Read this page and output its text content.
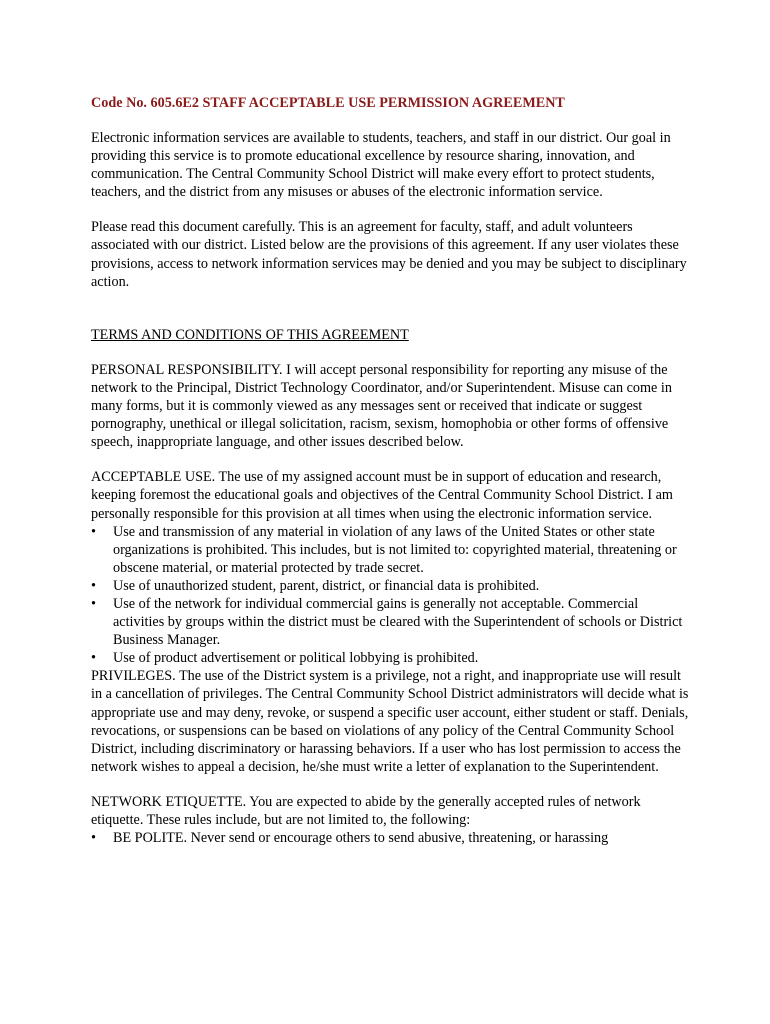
Code No. 605.6E2 STAFF ACCEPTABLE USE PERMISSION AGREEMENT

Electronic information services are available to students, teachers, and staff in our district. Our goal in providing this service is to promote educational excellence by resource sharing, innovation, and communication. The Central Community School District will make every effort to protect students, teachers, and the district from any misuses or abuses of the electronic information service.

Please read this document carefully. This is an agreement for faculty, staff, and adult volunteers associated with our district. Listed below are the provisions of this agreement. If any user violates these provisions, access to network information services may be denied and you may be subject to disciplinary action.

TERMS AND CONDITIONS OF THIS AGREEMENT

PERSONAL RESPONSIBILITY. I will accept personal responsibility for reporting any misuse of the network to the Principal, District Technology Coordinator, and/or Superintendent. Misuse can come in many forms, but it is commonly viewed as any messages sent or received that indicate or suggest pornography, unethical or illegal solicitation, racism, sexism, homophobia or other forms of offensive speech, inappropriate language, and other issues described below.

ACCEPTABLE USE. The use of my assigned account must be in support of education and research, keeping foremost the educational goals and objectives of the Central Community School District. I am personally responsible for this provision at all times when using the electronic information service.

•	Use and transmission of any material in violation of any laws of the United States or other state organizations is prohibited. This includes, but is not limited to: copyrighted material, threatening or obscene material, or material protected by trade secret.
•	Use of unauthorized student, parent, district, or financial data is prohibited.
•	Use of the network for individual commercial gains is generally not acceptable. Commercial activities by groups within the district must be cleared with the Superintendent of schools or District Business Manager.
•	Use of product advertisement or political lobbying is prohibited.

PRIVILEGES. The use of the District system is a privilege, not a right, and inappropriate use will result in a cancellation of privileges. The Central Community School District administrators will decide what is appropriate use and may deny, revoke, or suspend a specific user account, either student or staff. Denials, revocations, or suspensions can be based on violations of any policy of the Central Community School District, including discriminatory or harassing behaviors. If a user who has lost permission to access the network wishes to appeal a decision, he/she must write a letter of explanation to the Superintendent.

NETWORK ETIQUETTE. You are expected to abide by the generally accepted rules of network etiquette. These rules include, but are not limited to, the following:

•	BE POLITE. Never send or encourage others to send abusive, threatening, or harassing
